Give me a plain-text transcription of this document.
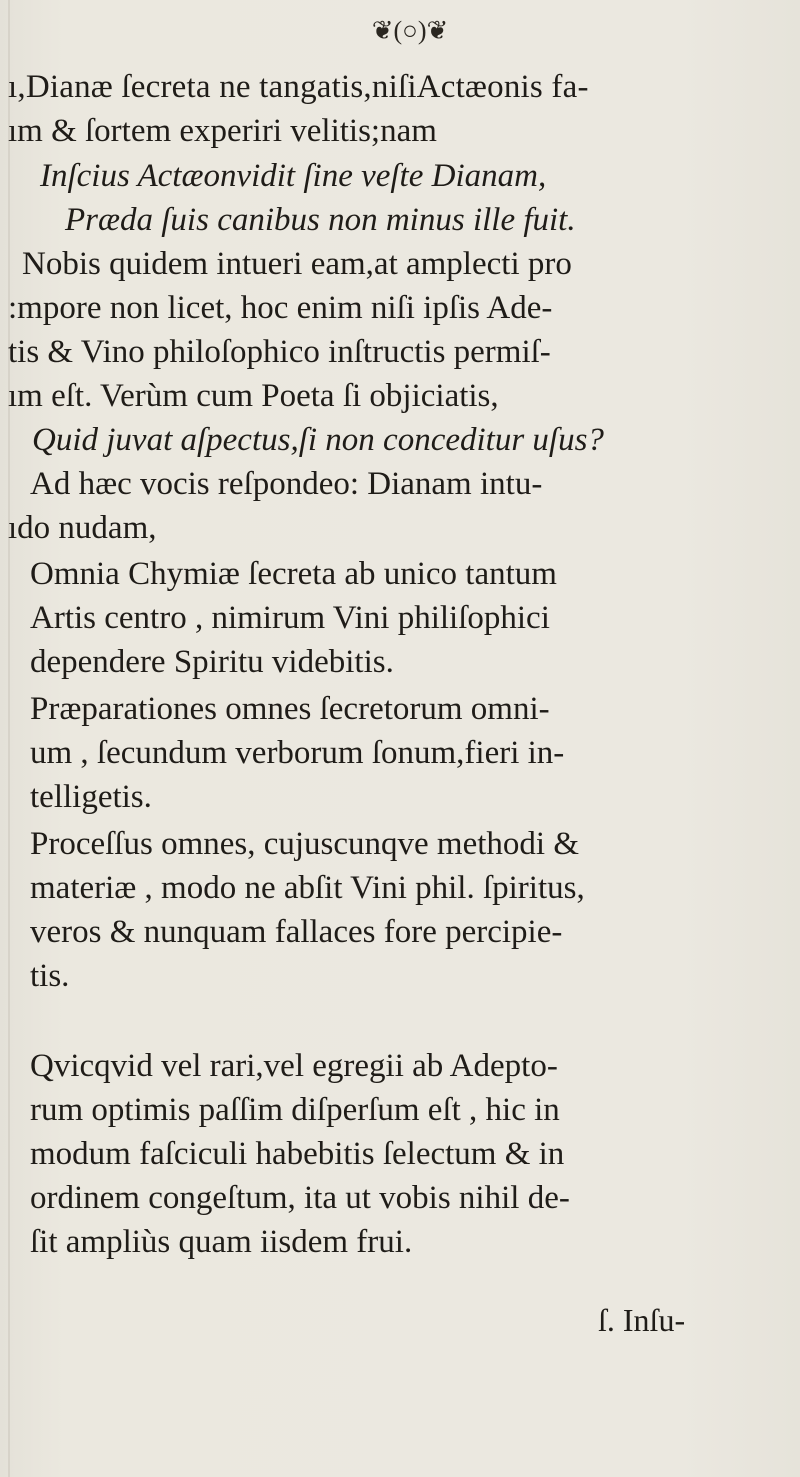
❦(○)❦
ı,Dianæ ſecreta ne tangatis,niſiActæonis fa-
ım & ſortem experiri velitis;nam
Inſcius Actæonvidit ſine veſte Dianam,
Præda ſuis canibus non minus ille fuit.
Nobis quidem intueri eam,at amplecti pro
:mpore non licet, hoc enim niſi ipſis Ade-
tis & Vino philoſophico inſtructis permiſ-
ım eſt. Verùm cum Poeta ſi objiciatis,
Quid juvat aſpectus,ſi non conceditur uſus?
Ad hæc vocis reſpondeo: Dianam intu-
ıdo nudam,
Omnia Chymiæ ſecreta ab unico tantum
Artis centro , nimirum Vini philiſophici
dependere Spiritu videbitis.
Præparationes omnes ſecretorum omni-
um , ſecundum verborum ſonum,fieri in-
telligetis.
Proceſſus omnes, cujuscunqve methodi &
materiæ , modo ne abſit Vini phil. ſpiritus,
veros & nunquam fallaces fore percipie-
tis.
Qvicqvid vel rari,vel egregii ab Adepto-
rum optimis paſſim diſperſum eſt , hic in
modum faſciculi habebitis ſelectum & in
ordinem congeſtum, ita ut vobis nihil de-
ſit ampliùs quam iisdem frui.
ſ. Inſu-
